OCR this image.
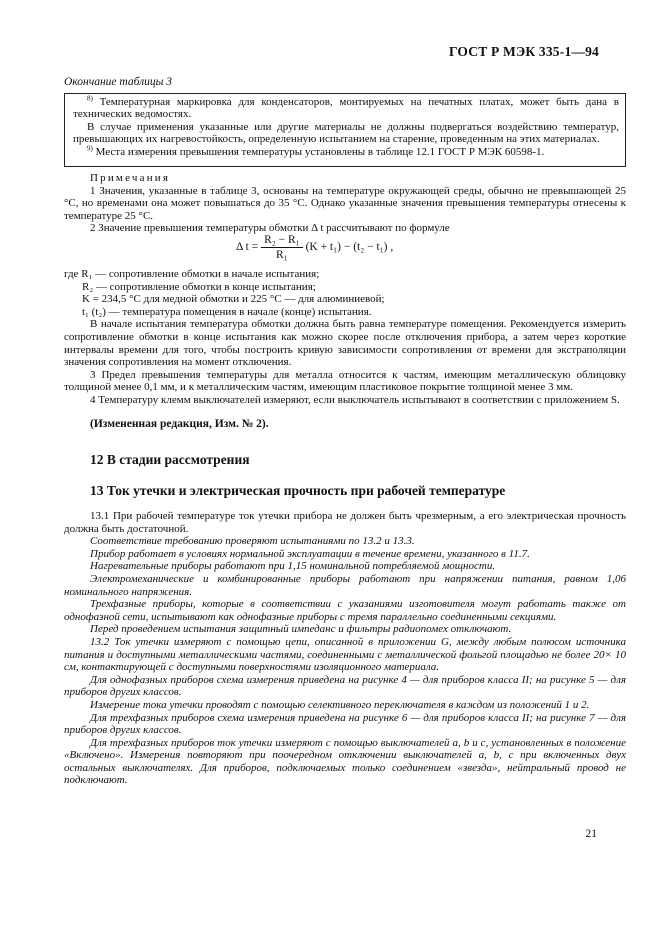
ГОСТ Р МЭК 335-1—94
Окончание таблицы 3

$^{8)}$ Температурная маркировка для конденсаторов, монтируемых на печатных платах, может быть дана в технических ведомостях.

В случае применения указанные или другие материалы не должны подвергаться воздействию температур, превышающих их нагревостойкость, определенную испытанием на старение, проведенным на этих материалах.

$^{9)}$ Места измерения превышения температуры установлены в таблице 12.1 ГОСТ Р МЭК 60598-1.

Примечания

1 Значения, указанные в таблице 3, основаны на температуре окружающей среды, обычно не превышающей 25 °С, но временами она может повышаться до 35 °С. Однако указанные значения превышения температуры отнесены к температуре 25 °С.

2 Значение превышения температуры обмотки Δ t рассчитывают по формуле

Δ $t = \frac{\text{R₂ − R₁}}{\text{R₁}} (K + t_1) - (t_2 - t_1)$ ,

где R₁ — сопротивление обмотки в начале испытания;

R₂ — сопротивление обмотки в конце испытания;

K = 234,5 °С для медной обмотки и 225 °С — для алюминиевой;

t₁ (t₂) — температура помещения в начале (конце) испытания.

В начале испытания температура обмотки должна быть равна температуре помещения. Рекомендуется измерить сопротивление обмотки в конце испытания как можно скорее после отключения прибора, а затем через короткие интервалы времени для того, чтобы построить кривую зависимости сопротивления от времени для экстраполяции значения сопротивления на момент отключения.

3 Предел превышения температуры для металла относится к частям, имеющим металлическую облицовку толщиной менее 0,1 мм, и к металлическим частям, имеющим пластиковое покрытие толщиной менее 3 мм.

4 Температуру клемм выключателей измеряют, если выключатель испытывают в соответствии с приложением S.

(Измененная редакция, Изм. № 2).
12 В стадии рассмотрения
13 Ток утечки и электрическая прочность при рабочей температуре

13.1 При рабочей температуре ток утечки прибора не должен быть чрезмерным, а его электрическая прочность должна быть достаточной.

Соответствие требованию проверяют испытаниями по 13.2 и 13.3.

Прибор работает в условиях нормальной эксплуатации в течение времени, указанного в 11.7.

Нагревательные приборы работают при 1,15 номинальной потребляемой мощности.

Электромеханические и комбинированные приборы работают при напряжении питания, равном 1,06 номинального напряжения.

Трехфазные приборы, которые в соответствии с указаниями изготовителя могут работать также от однофазной сети, испытывают как однофазные приборы с тремя параллельно соединенными секциями.

Перед проведением испытания защитный импеданс и фильтры радиопомех отключают.

13.2 Ток утечки измеряют с помощью цепи, описанной в приложении G, между любым полюсом источника питания и доступными металлическими частями, соединенными с металлической фольгой площадью не более 20× 10 см, контактирующей с доступными поверхностями изоляционного материала.

Для однофазных приборов схема измерения приведена на рисунке 4 — для приборов класса II; на рисунке 5 — для приборов других классов.

Измерение тока утечки проводят с помощью селективного переключателя в каждом из положений 1 и 2.

Для трехфазных приборов схема измерения приведена на рисунке 6 — для приборов класса II; на рисунке 7 — для приборов других классов.

Для трехфазных приборов ток утечки измеряют с помощью выключателей а, b и с, установленных в положение «Включено». Измерения повторяют при поочередном отключении выключателей а, b, с при включенных двух остальных выключателях. Для приборов, подключаемых только соединением «звезда», нейтральный провод не подключают.

21
